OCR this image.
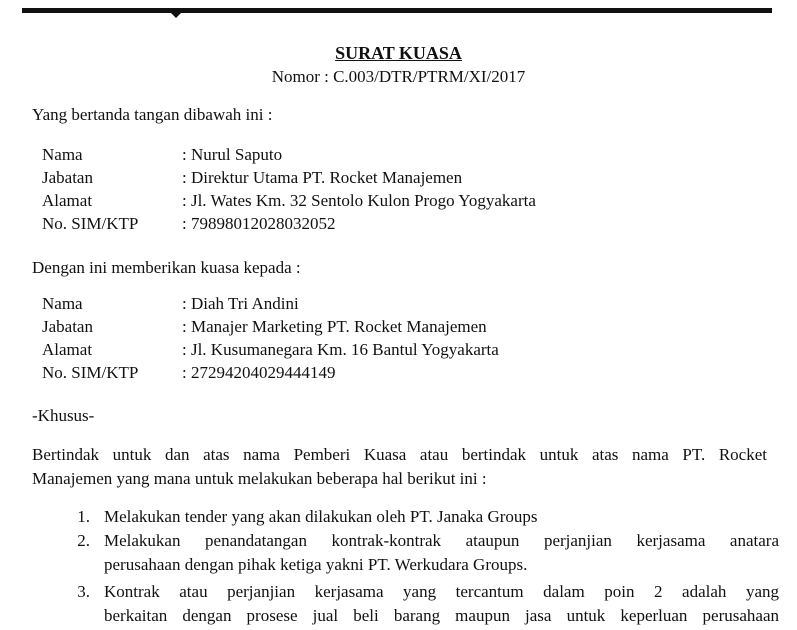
SURAT KUASA
Nomor : C.003/DTR/PTRM/XI/2017
Yang bertanda tangan dibawah ini :
Nama	: Nurul Saputo
Jabatan	: Direktur Utama PT. Rocket Manajemen
Alamat	: Jl. Wates Km. 32 Sentolo Kulon Progo Yogyakarta
No. SIM/KTP	: 79898012028032052
Dengan ini memberikan kuasa kepada :
Nama	: Diah Tri Andini
Jabatan	: Manajer Marketing PT. Rocket Manajemen
Alamat	: Jl. Kusumanegara Km. 16 Bantul Yogyakarta
No. SIM/KTP	: 27294204029444149
-Khusus-
Bertindak untuk dan atas nama Pemberi Kuasa atau bertindak untuk atas nama PT. Rocket
Manajemen yang mana untuk melakukan beberapa hal berikut ini :
1. Melakukan tender yang akan dilakukan oleh PT. Janaka Groups
2. Melakukan penandatangan kontrak-kontrak ataupun perjanjian kerjasama anatara
perusahaan dengan pihak ketiga yakni PT. Werkudara Groups.
3. Kontrak atau perjanjian kerjasama yang tercantum dalam poin 2 adalah yang
berkaitan dengan prosese jual beli barang maupun jasa untuk keperluan perusahaan
